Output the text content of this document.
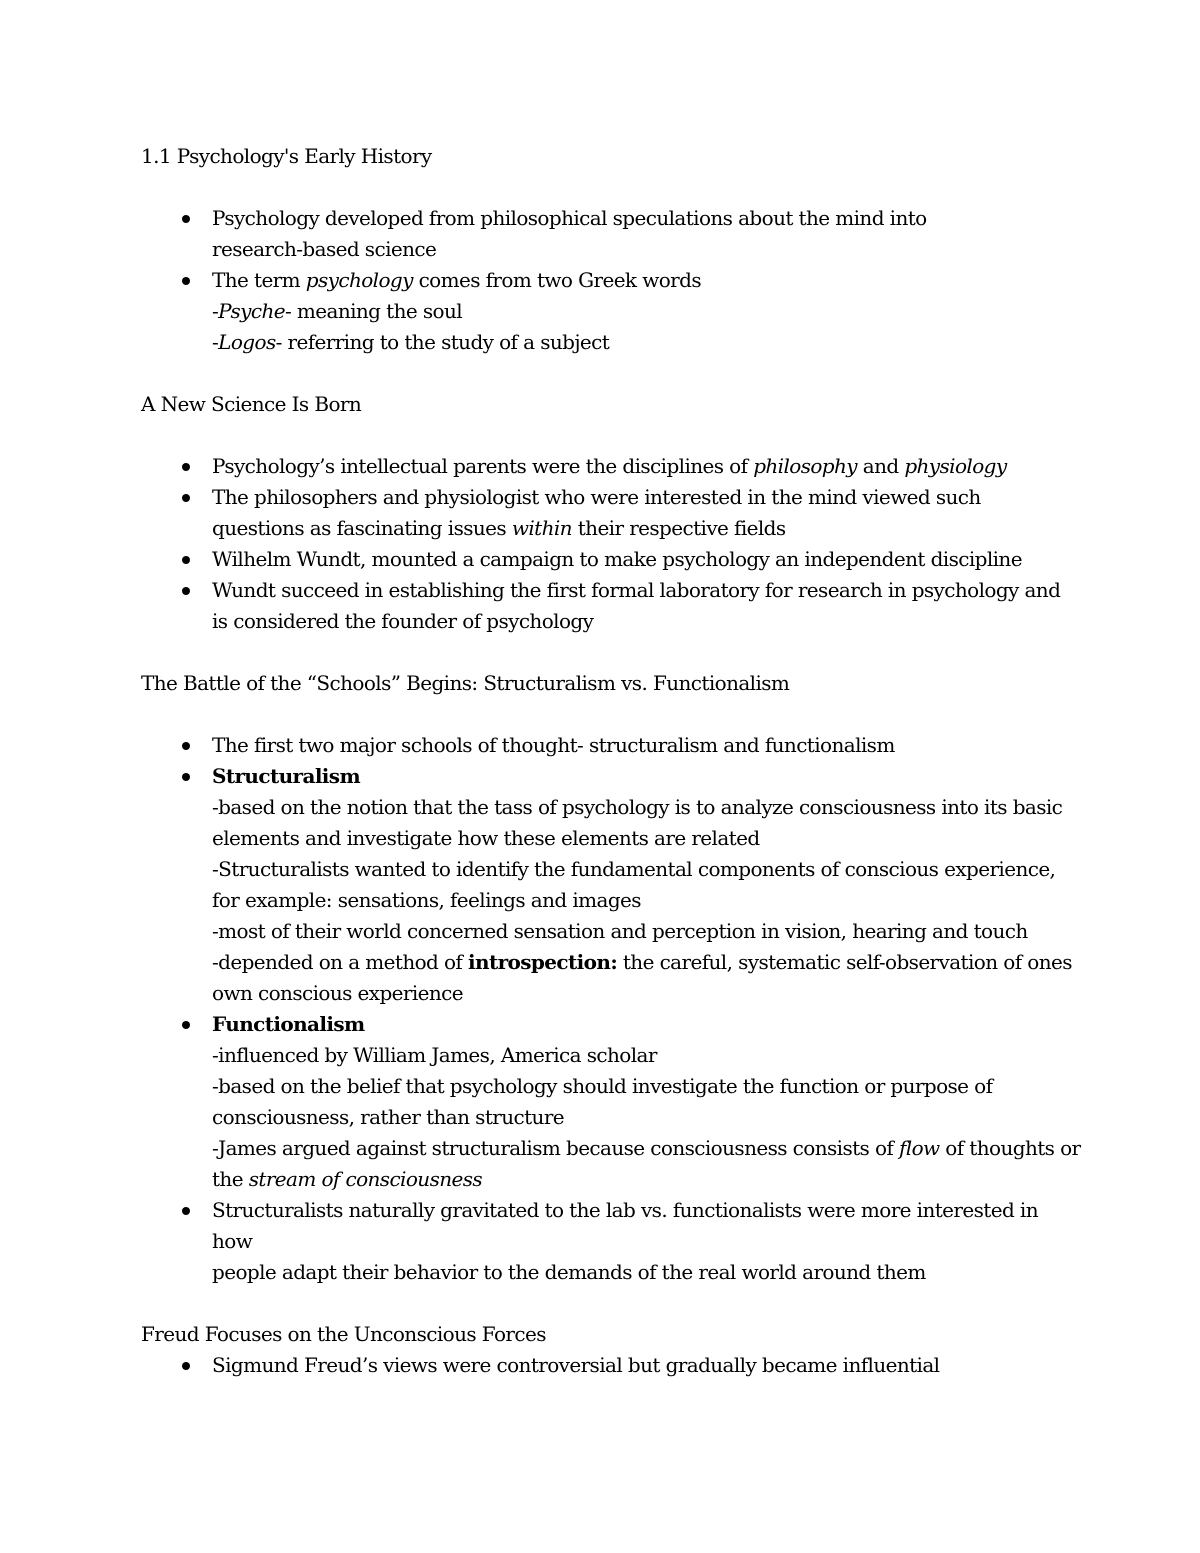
1.1 Psychology's Early History

Psychology developed from philosophical speculations about the mind into
research-based science
The term psychology comes from two Greek words
-Psyche- meaning the soul
-Logos- referring to the study of a subject

A New Science Is Born

Psychology’s intellectual parents were the disciplines of philosophy and physiology
The philosophers and physiologist who were interested in the mind viewed such
questions as fascinating issues within their respective fields
Wilhelm Wundt, mounted a campaign to make psychology an independent discipline
Wundt succeed in establishing the first formal laboratory for research in psychology and
is considered the founder of psychology

The Battle of the “Schools” Begins: Structuralism vs. Functionalism

The first two major schools of thought- structuralism and functionalism
Structuralism
-based on the notion that the tass of psychology is to analyze consciousness into its basic
elements and investigate how these elements are related
-Structuralists wanted to identify the fundamental components of conscious experience,
for example: sensations, feelings and images
-most of their world concerned sensation and perception in vision, hearing and touch
-depended on a method of introspection: the careful, systematic self-observation of ones
own conscious experience
Functionalism
-influenced by William James, America scholar
-based on the belief that psychology should investigate the function or purpose of
consciousness, rather than structure
-James argued against structuralism because consciousness consists of flow of thoughts or
the stream of consciousness
Structuralists naturally gravitated to the lab vs. functionalists were more interested in how
people adapt their behavior to the demands of the real world around them

Freud Focuses on the Unconscious Forces

Sigmund Freud’s views were controversial but gradually became influential
